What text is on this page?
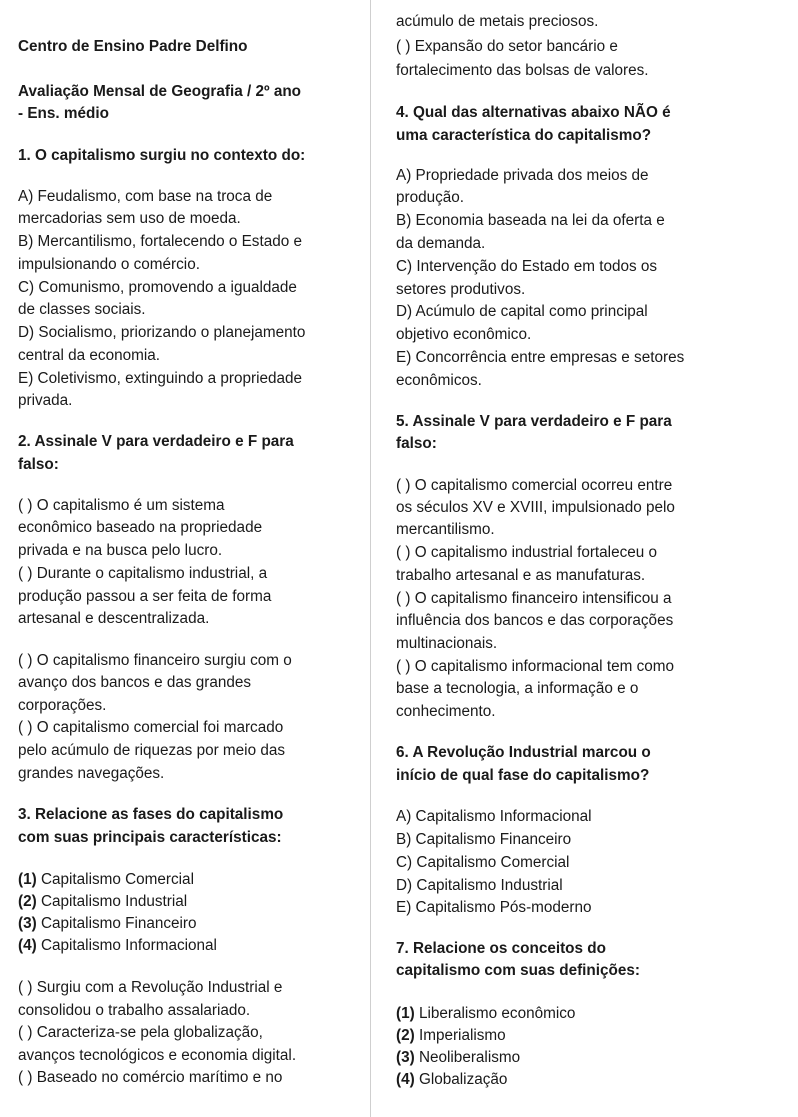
Centro de Ensino Padre Delfino
Avaliação Mensal de Geografia / 2º ano
- Ens. médio
1. O capitalismo surgiu no contexto do:
A) Feudalismo, com base na troca de
mercadorias sem uso de moeda.
B) Mercantilismo, fortalecendo o Estado e
impulsionando o comércio.
C) Comunismo, promovendo a igualdade
de classes sociais.
D) Socialismo, priorizando o planejamento
central da economia.
E) Coletivismo, extinguindo a propriedade
privada.
2. Assinale V para verdadeiro e F para
falso:
( ) O capitalismo é um sistema
econômico baseado na propriedade
privada e na busca pelo lucro.
( ) Durante o capitalismo industrial, a
produção passou a ser feita de forma
artesanal e descentralizada.
( ) O capitalismo financeiro surgiu com o
avanço dos bancos e das grandes
corporações.
( ) O capitalismo comercial foi marcado
pelo acúmulo de riquezas por meio das
grandes navegações.
3. Relacione as fases do capitalismo
com suas principais características:
(1) Capitalismo Comercial
(2) Capitalismo Industrial
(3) Capitalismo Financeiro
(4) Capitalismo Informacional
( ) Surgiu com a Revolução Industrial e
consolidou o trabalho assalariado.
( ) Caracteriza-se pela globalização,
avanços tecnológicos e economia digital.
( ) Baseado no comércio marítimo e no
acúmulo de metais preciosos.
( ) Expansão do setor bancário e
fortalecimento das bolsas de valores.
4. Qual das alternativas abaixo NÃO é
uma característica do capitalismo?
A) Propriedade privada dos meios de
produção.
B) Economia baseada na lei da oferta e
da demanda.
C) Intervenção do Estado em todos os
setores produtivos.
D) Acúmulo de capital como principal
objetivo econômico.
E) Concorrência entre empresas e setores
econômicos.
5. Assinale V para verdadeiro e F para
falso:
( ) O capitalismo comercial ocorreu entre
os séculos XV e XVIII, impulsionado pelo
mercantilismo.
( ) O capitalismo industrial fortaleceu o
trabalho artesanal e as manufaturas.
( ) O capitalismo financeiro intensificou a
influência dos bancos e das corporações
multinacionais.
( ) O capitalismo informacional tem como
base a tecnologia, a informação e o
conhecimento.
6. A Revolução Industrial marcou o
início de qual fase do capitalismo?
A) Capitalismo Informacional
B) Capitalismo Financeiro
C) Capitalismo Comercial
D) Capitalismo Industrial
E) Capitalismo Pós-moderno
7. Relacione os conceitos do
capitalismo com suas definições:
(1) Liberalismo econômico
(2) Imperialismo
(3) Neoliberalismo
(4) Globalização
